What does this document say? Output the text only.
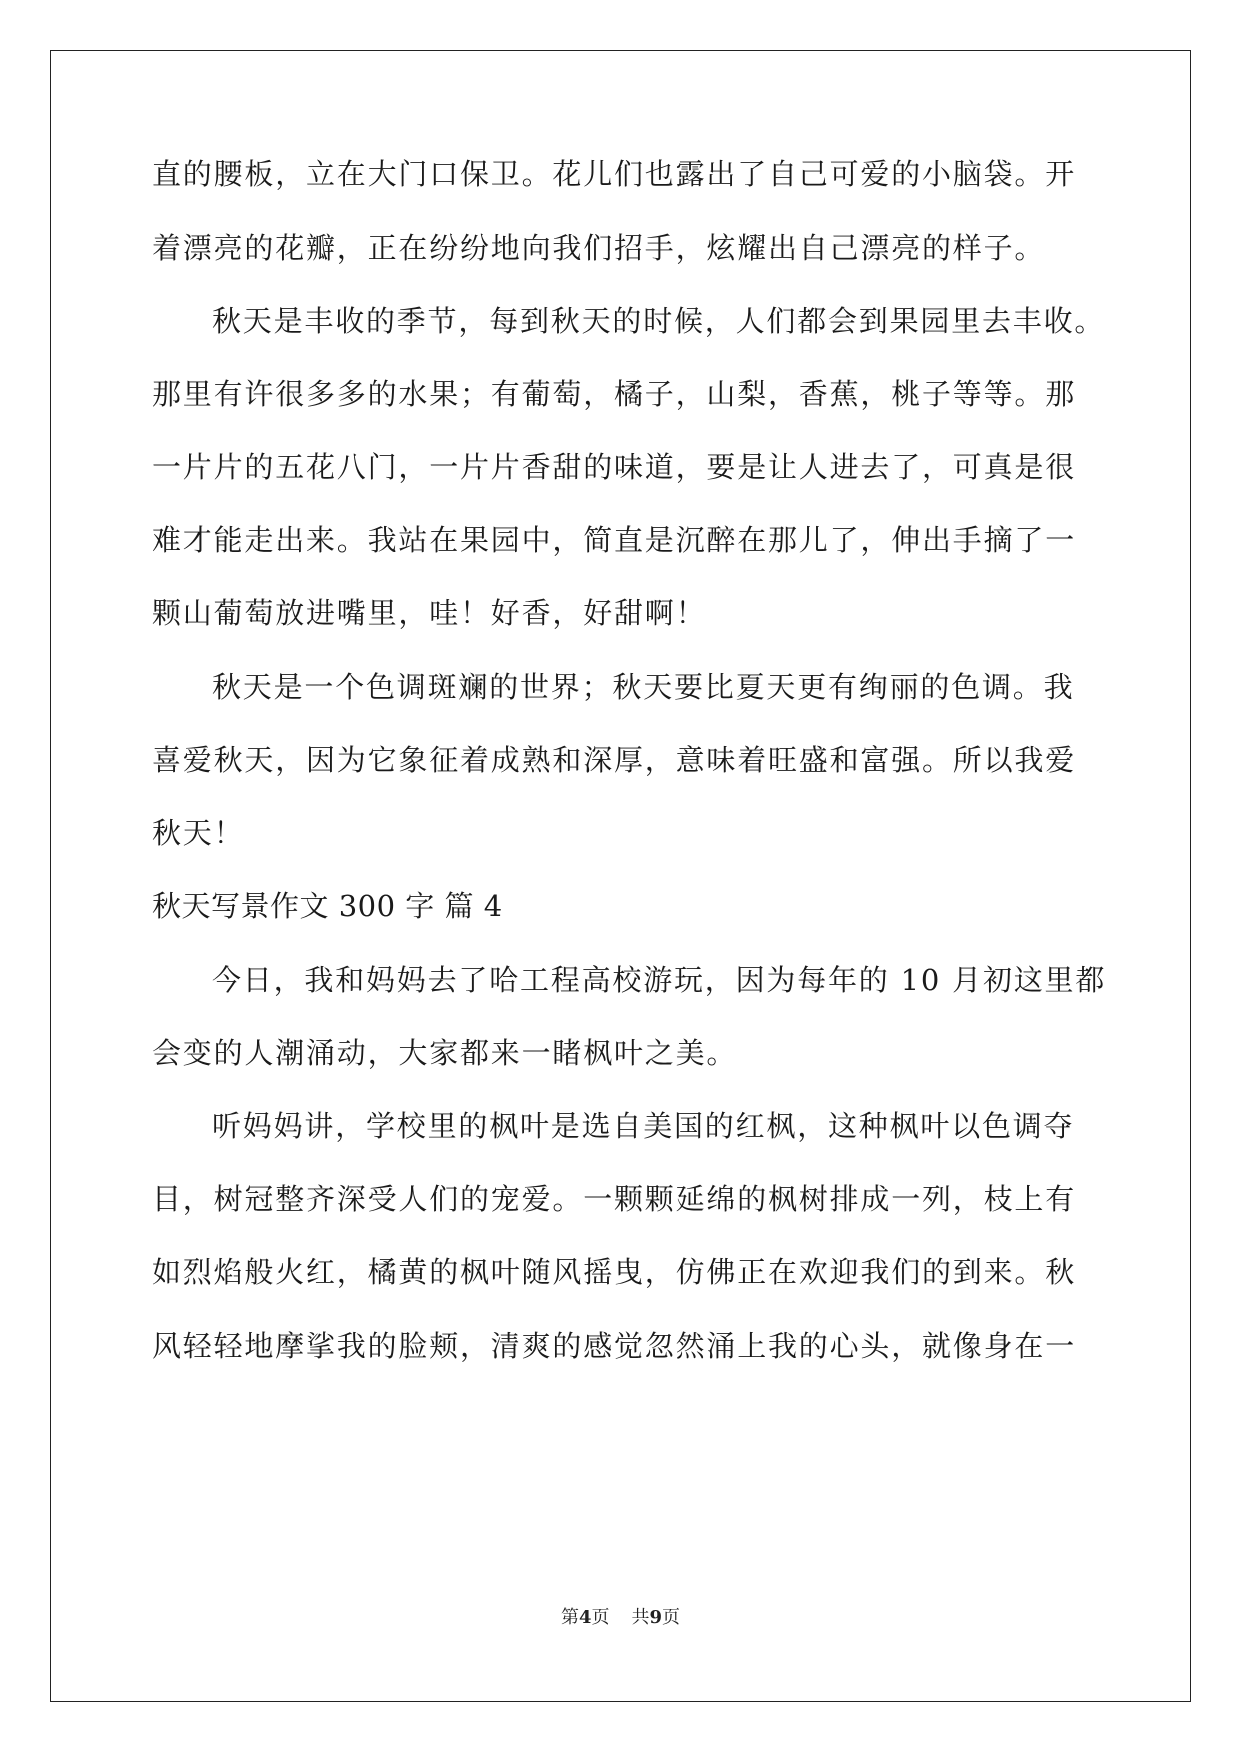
直的腰板，立在大门口保卫。花儿们也露出了自己可爱的小脑袋。开
着漂亮的花瓣，正在纷纷地向我们招手，炫耀出自己漂亮的样子。
秋天是丰收的季节，每到秋天的时候，人们都会到果园里去丰收。
那里有许很多多的水果；有葡萄，橘子，山梨，香蕉，桃子等等。那
一片片的五花八门，一片片香甜的味道，要是让人进去了，可真是很
难才能走出来。我站在果园中，简直是沉醉在那儿了，伸出手摘了一
颗山葡萄放进嘴里，哇！好香，好甜啊！
秋天是一个色调斑斓的世界；秋天要比夏天更有绚丽的色调。我
喜爱秋天，因为它象征着成熟和深厚，意味着旺盛和富强。所以我爱
秋天！
秋天写景作文 300 字 篇 4
今日，我和妈妈去了哈工程高校游玩，因为每年的 10 月初这里都
会变的人潮涌动，大家都来一睹枫叶之美。
听妈妈讲，学校里的枫叶是选自美国的红枫，这种枫叶以色调夺
目，树冠整齐深受人们的宠爱。一颗颗延绵的枫树排成一列，枝上有
如烈焰般火红，橘黄的枫叶随风摇曳，仿佛正在欢迎我们的到来。秋
风轻轻地摩挲我的脸颊，清爽的感觉忽然涌上我的心头，就像身在一
第4页 共9页
